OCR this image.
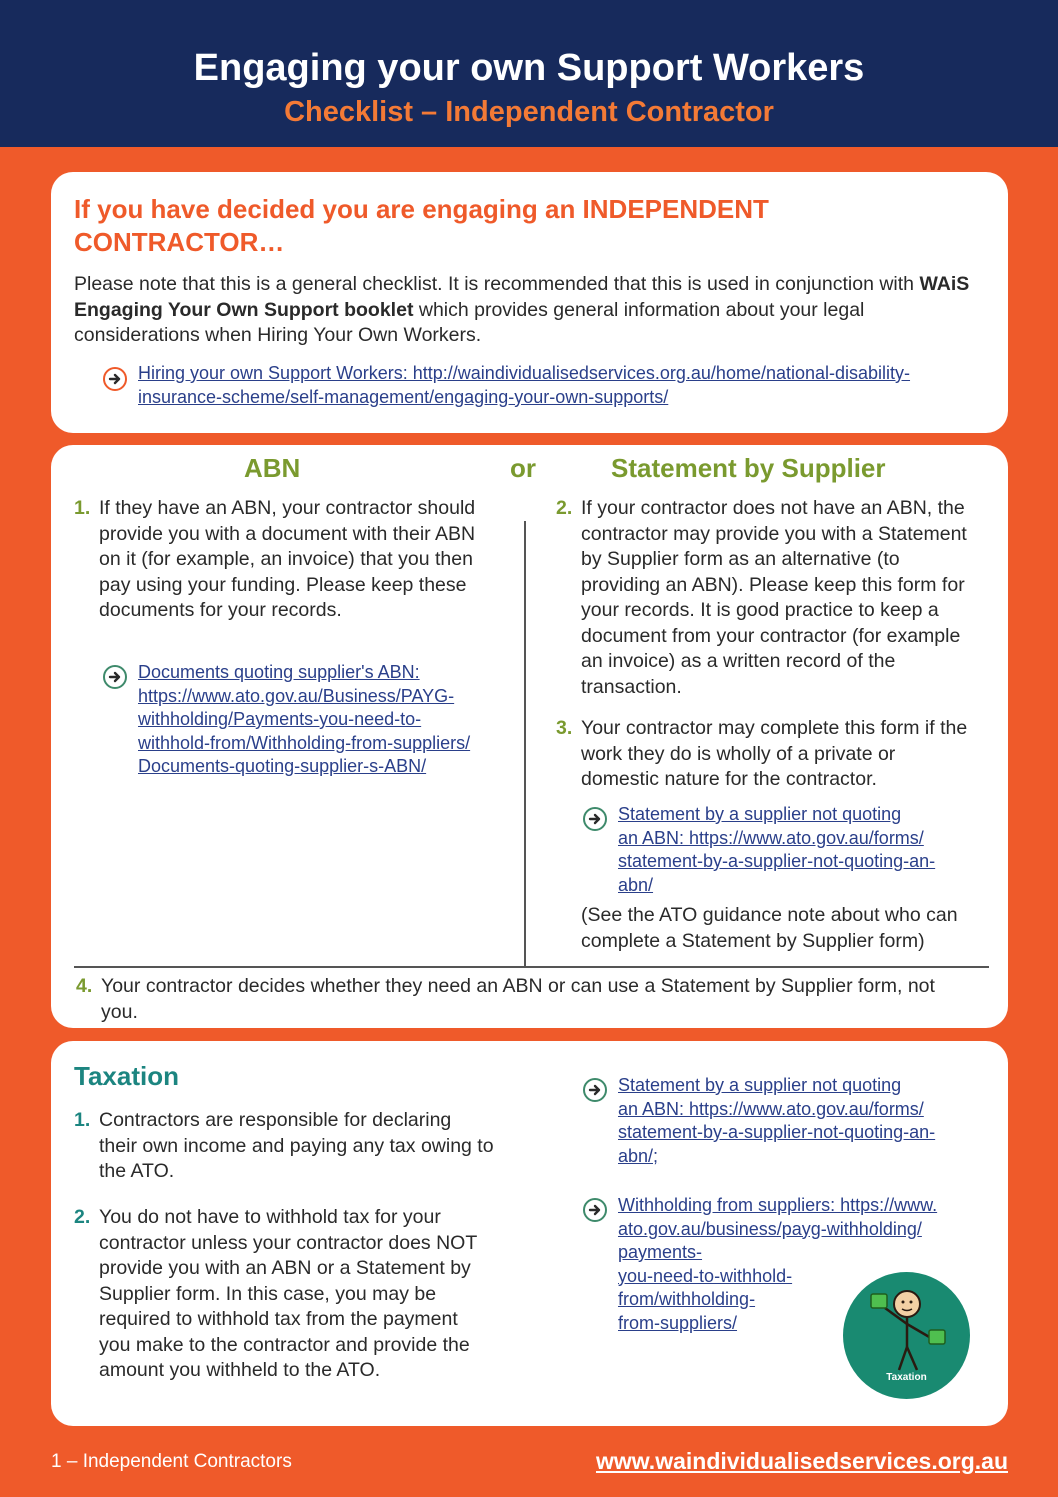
Engaging your own Support Workers
Checklist – Independent Contractor

If you have decided you are engaging an INDEPENDENT CONTRACTOR…

Please note that this is a general checklist. It is recommended that this is used in conjunction with WAiS Engaging Your Own Support booklet which provides general information about your legal considerations when Hiring Your Own Workers.

Hiring your own Support Workers: http://waindividualisedservices.org.au/home/national-disability-
insurance-scheme/self-management/engaging-your-own-supports/
ABN	or	Statement by Supplier
1. If they have an ABN, your contractor should provide you with a document with their ABN on it (for example, an invoice) that you then pay using your funding. Please keep these documents for your records.

Documents quoting supplier's ABN:
https://www.ato.gov.au/Business/PAYG-
withholding/Payments-you-need-to-
withhold-from/Withholding-from-suppliers/
Documents-quoting-supplier-s-ABN/
2. If your contractor does not have an ABN, the contractor may provide you with a Statement by Supplier form as an alternative (to providing an ABN). Please keep this form for your records. It is good practice to keep a document from your contractor (for example an invoice) as a written record of the transaction.

3. Your contractor may complete this form if the work they do is wholly of a private or domestic nature for the contractor.

Statement by a supplier not quoting
an ABN: https://www.ato.gov.au/forms/
statement-by-a-supplier-not-quoting-an-
abn/

(See the ATO guidance note about who can complete a Statement by Supplier form)

4. Your contractor decides whether they need an ABN or can use a Statement by Supplier form, not you.

Taxation

1. Contractors are responsible for declaring their own income and paying any tax owing to the ATO.

2. You do not have to withhold tax for your contractor unless your contractor does NOT provide you with an ABN or a Statement by Supplier form. In this case, you may be required to withhold tax from the payment you make to the contractor and provide the amount you withheld to the ATO.

Statement by a supplier not quoting
an ABN: https://www.ato.gov.au/forms/
statement-by-a-supplier-not-quoting-an-
abn/;
Withholding from suppliers: https://www.
ato.gov.au/business/payg-withholding/
payments-
you-need-to-withhold-
from/withholding-
from-suppliers/
Taxation
1 – Independent Contractors	www.waindividualisedservices.org.au
